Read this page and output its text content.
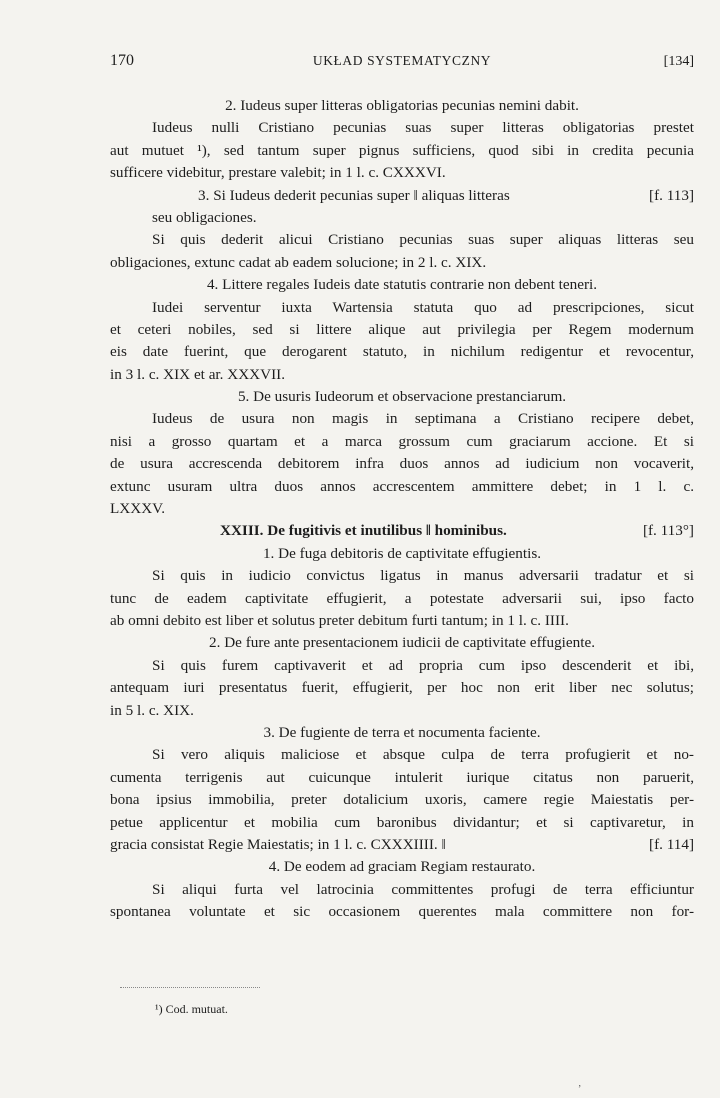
170	UKŁAD SYSTEMATYCZNY	[134]
2. Iudeus super litteras obligatorias pecunias nemini dabit.
Iudeus nulli Cristiano pecunias suas super litteras obligatorias prestet
aut mutuet ¹), sed tantum super pignus sufficiens, quod sibi in credita pecunia
sufficere videbitur, prestare valebit; in 1 l. c. CXXXVI.
3. Si Iudeus dederit pecunias super ‖ aliquas litteras	[f. 113]
seu obligaciones.
Si quis dederit alicui Cristiano pecunias suas super aliquas litteras seu
obligaciones, extunc cadat ab eadem solucione; in 2 l. c. XIX.
4. Littere regales Iudeis date statutis contrarie non debent teneri.
Iudei serventur iuxta Wartensia statuta quo ad prescripciones, sicut
et ceteri nobiles, sed si littere alique aut privilegia per Regem modernum
eis date fuerint, que derogarent statuto, in nichilum redigentur et revocentur,
in 3 l. c. XIX et ar. XXXVII.
5. De usuris Iudeorum et observacione prestanciarum.
Iudeus de usura non magis in septimana a Cristiano recipere debet,
nisi a grosso quartam et a marca grossum cum graciarum accione. Et si
de usura accrescenda debitorem infra duos annos ad iudicium non vocaverit,
extunc usuram ultra duos annos accrescentem ammittere debet; in 1 l. c.
LXXXV.
XXIII. De fugitivis et inutilibus ‖ hominibus.	[f. 113°]
1. De fuga debitoris de captivitate effugientis.
Si quis in iudicio convictus ligatus in manus adversarii tradatur et si
tunc de eadem captivitate effugierit, a potestate adversarii sui, ipso facto
ab omni debito est liber et solutus preter debitum furti tantum; in 1 l. c. IIII.
2. De fure ante presentacionem iudicii de captivitate effugiente.
Si quis furem captivaverit et ad propria cum ipso descenderit et ibi,
antequam iuri presentatus fuerit, effugierit, per hoc non erit liber nec solutus;
in 5 l. c. XIX.
3. De fugiente de terra et nocumenta faciente.
Si vero aliquis maliciose et absque culpa de terra profugierit et no-
cumenta terrigenis aut cuicunque intulerit iurique citatus non paruerit,
bona ipsius immobilia, preter dotalicium uxoris, camere regie Maiestatis per-
petue applicentur et mobilia cum baronibus dividantur; et si captivaretur, in
gracia consistat Regie Maiestatis; in 1 l. c. CXXXIIII. ‖	[f. 114]
4. De eodem ad graciam Regiam restaurato.
Si aliqui furta vel latrocinia committentes profugi de terra efficiuntur
spontanea voluntate et sic occasionem querentes mala committere non for-
¹) Cod. mutuat.
‚
